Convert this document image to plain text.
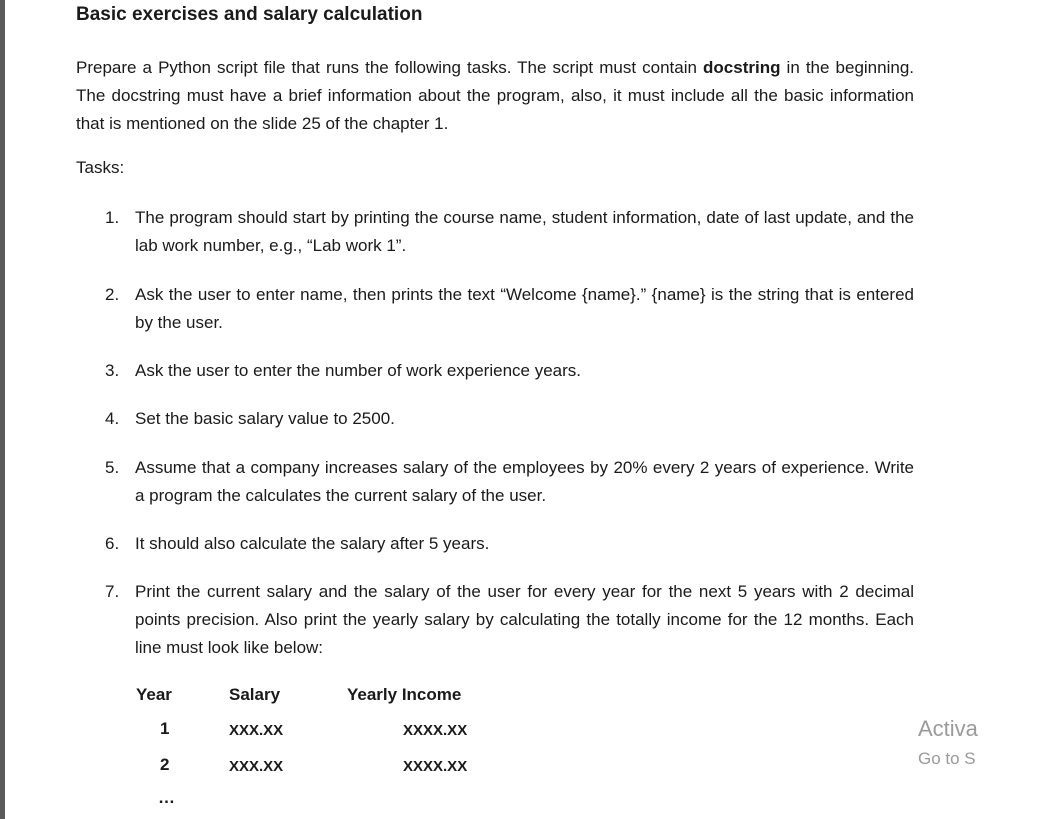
Basic exercises and salary calculation
Prepare a Python script file that runs the following tasks. The script must contain docstring in the beginning. The docstring must have a brief information about the program, also, it must include all the basic information that is mentioned on the slide 25 of the chapter 1.
Tasks:
1. The program should start by printing the course name, student information, date of last update, and the lab work number, e.g., “Lab work 1”.
2. Ask the user to enter name, then prints the text “Welcome {name}.” {name} is the string that is entered by the user.
3. Ask the user to enter the number of work experience years.
4. Set the basic salary value to 2500.
5. Assume that a company increases salary of the employees by 20% every 2 years of experience. Write a program the calculates the current salary of the user.
6. It should also calculate the salary after 5 years.
7. Print the current salary and the salary of the user for every year for the next 5 years with 2 decimal points precision. Also print the yearly salary by calculating the totally income for the 12 months. Each line must look like below:
Year	Salary	Yearly Income
1	XXX.XX	XXXX.XX
2	XXX.XX	XXXX.XX
…
Activa
Go to S
